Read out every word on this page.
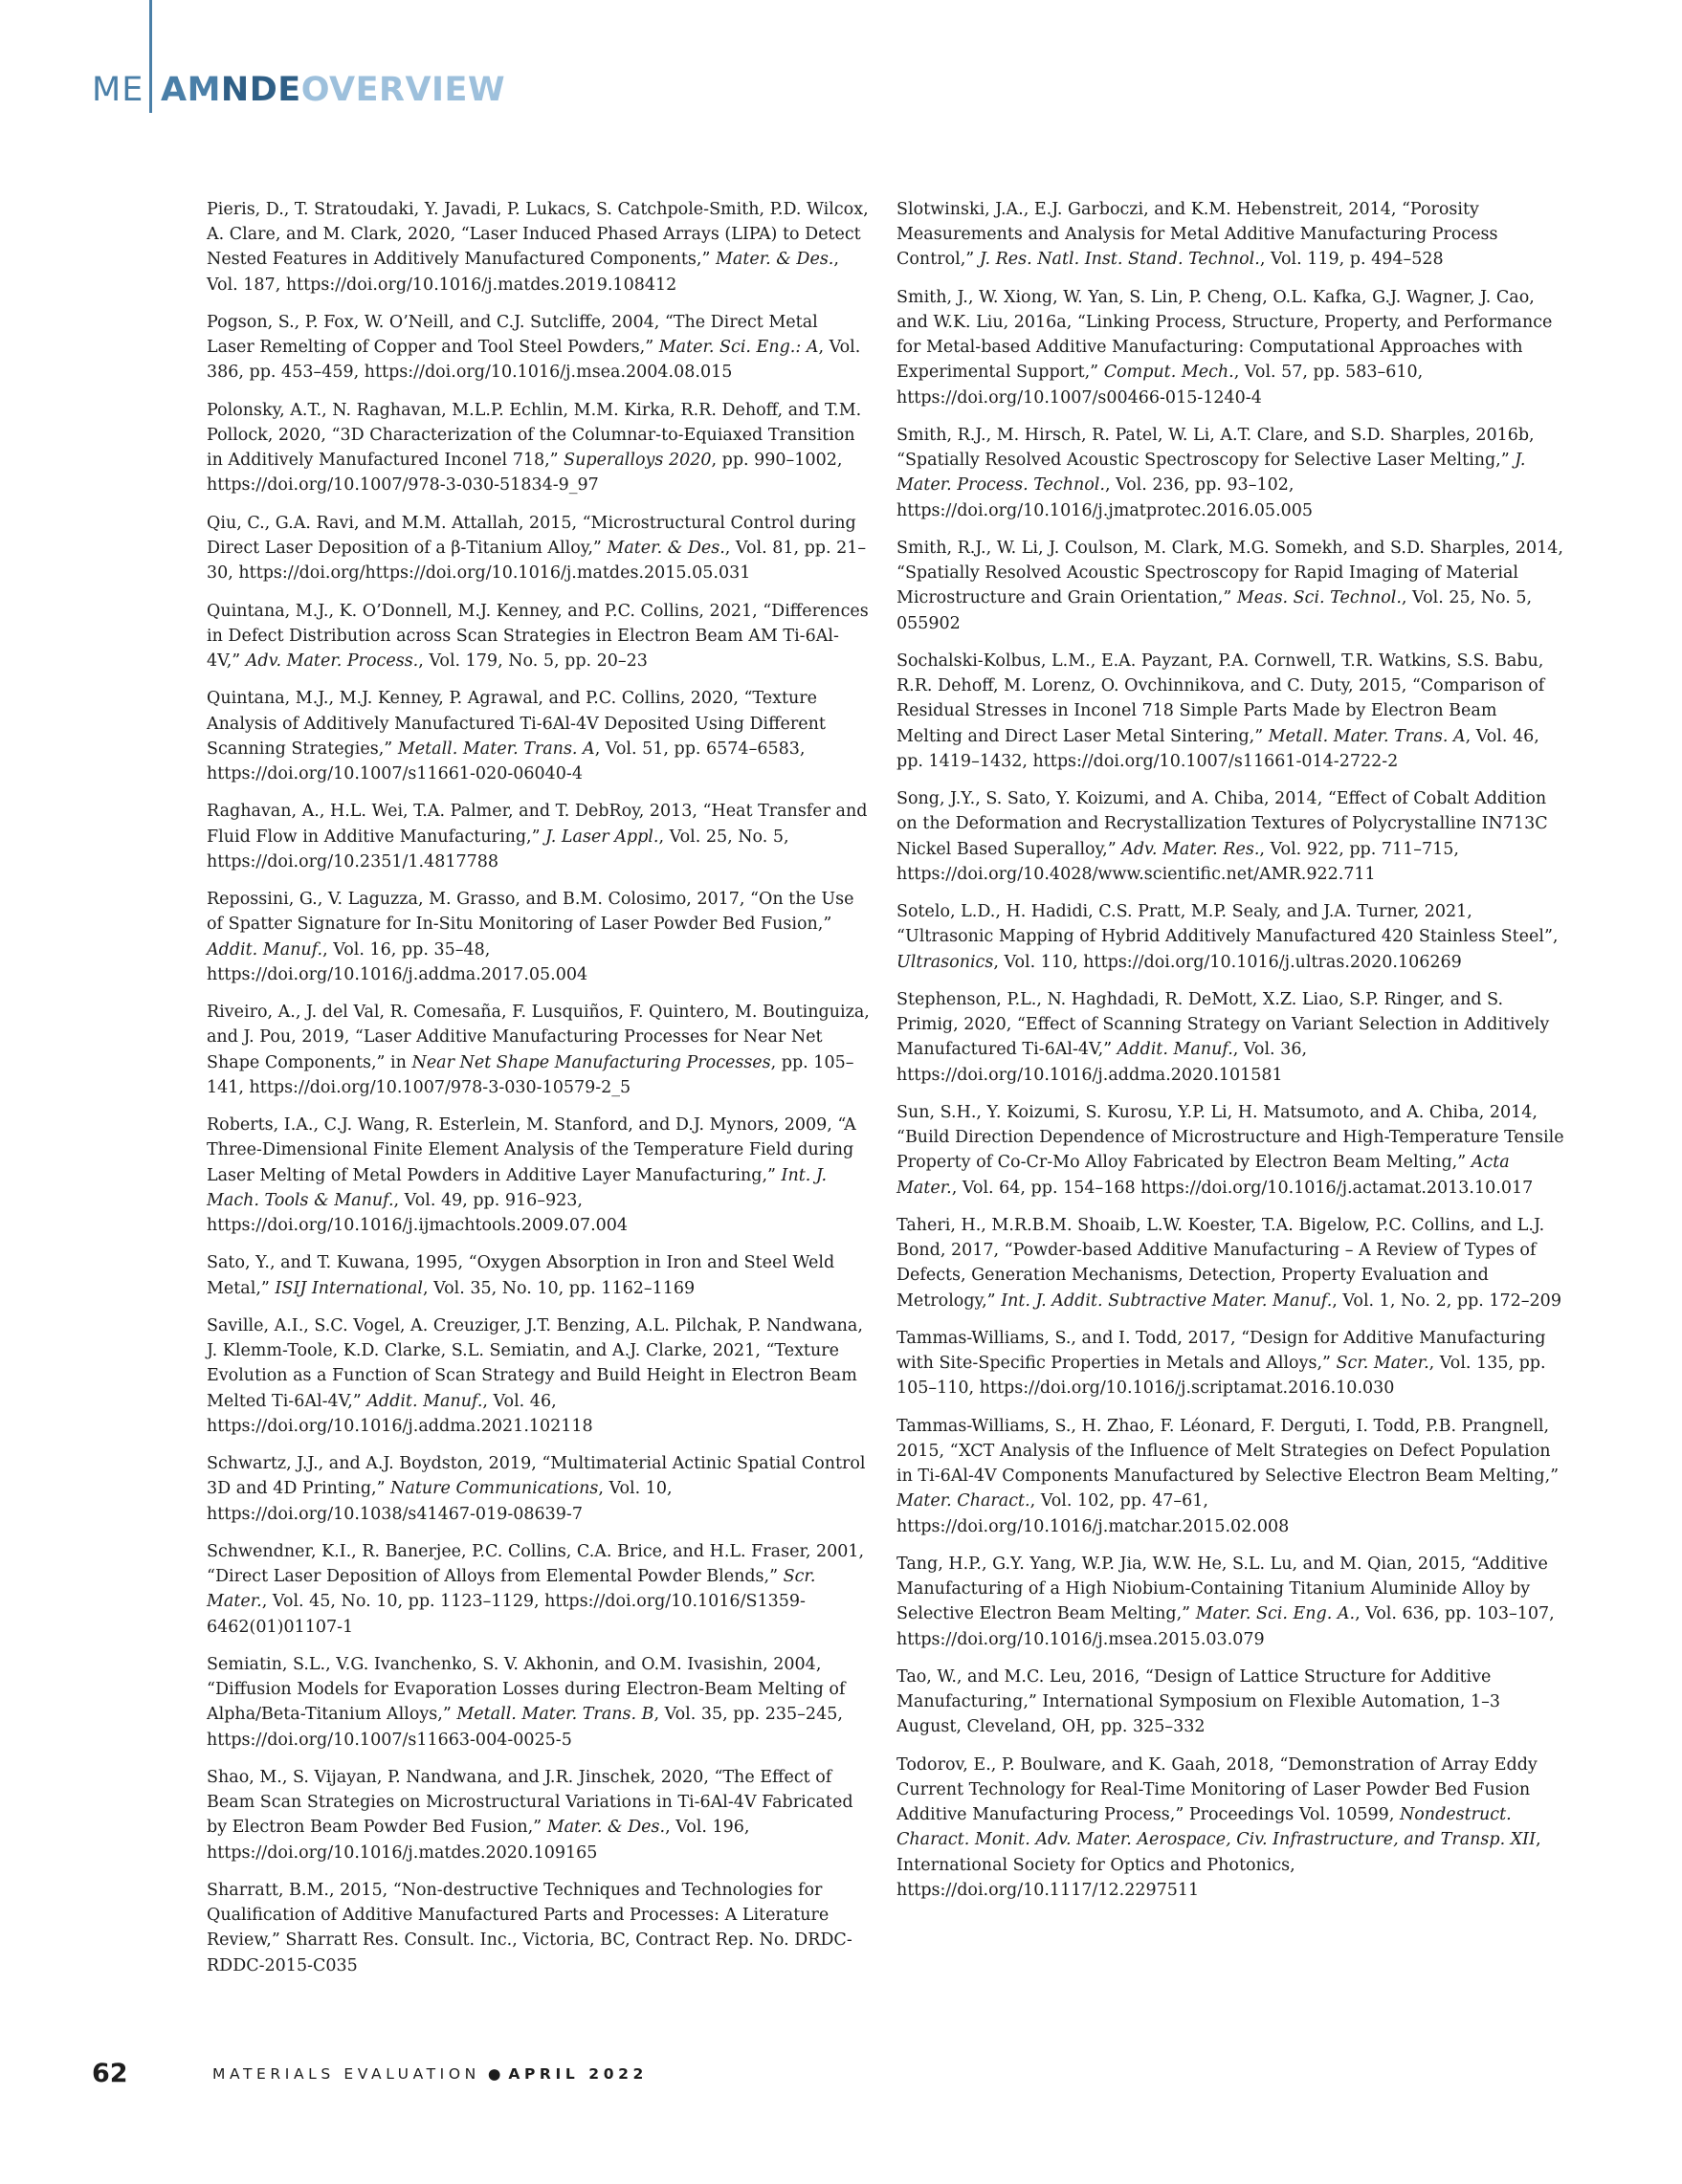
ME AMNDEOVERVIEW

Pieris, D., T. Stratoudaki, Y. Javadi, P. Lukacs, S. Catchpole-Smith, P.D. Wilcox, A. Clare, and M. Clark, 2020, “Laser Induced Phased Arrays (LIPA) to Detect Nested Features in Additively Manufactured Components,” Mater. & Des., Vol. 187, https://doi.org/10.1016/j.matdes.2019.108412

Pogson, S., P. Fox, W. O’Neill, and C.J. Sutcliffe, 2004, “The Direct Metal Laser Remelting of Copper and Tool Steel Powders,” Mater. Sci. Eng.: A, Vol. 386, pp. 453–459, https://doi.org/10.1016/j.msea.2004.08.015

Polonsky, A.T., N. Raghavan, M.L.P. Echlin, M.M. Kirka, R.R. Dehoff, and T.M. Pollock, 2020, “3D Characterization of the Columnar-to-Equiaxed Transition in Additively Manufactured Inconel 718,” Superalloys 2020, pp. 990–1002, https://doi.org/10.1007/978-3-030-51834-9_97

Qiu, C., G.A. Ravi, and M.M. Attallah, 2015, “Microstructural Control during Direct Laser Deposition of a β-Titanium Alloy,” Mater. & Des., Vol. 81, pp. 21–30, https://doi.org/https://doi.org/10.1016/j.matdes.2015.05.031

Quintana, M.J., K. O’Donnell, M.J. Kenney, and P.C. Collins, 2021, “Differences in Defect Distribution across Scan Strategies in Electron Beam AM Ti-6Al-4V,” Adv. Mater. Process., Vol. 179, No. 5, pp. 20–23

Quintana, M.J., M.J. Kenney, P. Agrawal, and P.C. Collins, 2020, “Texture Analysis of Additively Manufactured Ti-6Al-4V Deposited Using Different Scanning Strategies,” Metall. Mater. Trans. A, Vol. 51, pp. 6574–6583, https://doi.org/10.1007/s11661-020-06040-4

Raghavan, A., H.L. Wei, T.A. Palmer, and T. DebRoy, 2013, “Heat Transfer and Fluid Flow in Additive Manufacturing,” J. Laser Appl., Vol. 25, No. 5, https://doi.org/10.2351/1.4817788

Repossini, G., V. Laguzza, M. Grasso, and B.M. Colosimo, 2017, “On the Use of Spatter Signature for In-Situ Monitoring of Laser Powder Bed Fusion,” Addit. Manuf., Vol. 16, pp. 35–48, https://doi.org/10.1016/j.addma.2017.05.004

Riveiro, A., J. del Val, R. Comesaña, F. Lusquiños, F. Quintero, M. Boutinguiza, and J. Pou, 2019, “Laser Additive Manufacturing Processes for Near Net Shape Components,” in Near Net Shape Manufacturing Processes, pp. 105–141, https://doi.org/10.1007/978-3-030-10579-2_5

Roberts, I.A., C.J. Wang, R. Esterlein, M. Stanford, and D.J. Mynors, 2009, “A Three-Dimensional Finite Element Analysis of the Temperature Field during Laser Melting of Metal Powders in Additive Layer Manufacturing,” Int. J. Mach. Tools & Manuf., Vol. 49, pp. 916–923, https://doi.org/10.1016/j.ijmachtools.2009.07.004

Sato, Y., and T. Kuwana, 1995, “Oxygen Absorption in Iron and Steel Weld Metal,” ISIJ International, Vol. 35, No. 10, pp. 1162–1169

Saville, A.I., S.C. Vogel, A. Creuziger, J.T. Benzing, A.L. Pilchak, P. Nandwana, J. Klemm-Toole, K.D. Clarke, S.L. Semiatin, and A.J. Clarke, 2021, “Texture Evolution as a Function of Scan Strategy and Build Height in Electron Beam Melted Ti-6Al-4V,” Addit. Manuf., Vol. 46, https://doi.org/10.1016/j.addma.2021.102118

Schwartz, J.J., and A.J. Boydston, 2019, “Multimaterial Actinic Spatial Control 3D and 4D Printing,” Nature Communications, Vol. 10, https://doi.org/10.1038/s41467-019-08639-7

Schwendner, K.I., R. Banerjee, P.C. Collins, C.A. Brice, and H.L. Fraser, 2001, “Direct Laser Deposition of Alloys from Elemental Powder Blends,” Scr. Mater., Vol. 45, No. 10, pp. 1123–1129, https://doi.org/10.1016/S1359-6462(01)01107-1

Semiatin, S.L., V.G. Ivanchenko, S. V. Akhonin, and O.M. Ivasishin, 2004, “Diffusion Models for Evaporation Losses during Electron-Beam Melting of Alpha/Beta-Titanium Alloys,” Metall. Mater. Trans. B, Vol. 35, pp. 235–245, https://doi.org/10.1007/s11663-004-0025-5

Shao, M., S. Vijayan, P. Nandwana, and J.R. Jinschek, 2020, “The Effect of Beam Scan Strategies on Microstructural Variations in Ti-6Al-4V Fabricated by Electron Beam Powder Bed Fusion,” Mater. & Des., Vol. 196, https://doi.org/10.1016/j.matdes.2020.109165

Sharratt, B.M., 2015, “Non-destructive Techniques and Technologies for Qualification of Additive Manufactured Parts and Processes: A Literature Review,” Sharratt Res. Consult. Inc., Victoria, BC, Contract Rep. No. DRDC-RDDC-2015-C035

Slotwinski, J.A., E.J. Garboczi, and K.M. Hebenstreit, 2014, “Porosity Measurements and Analysis for Metal Additive Manufacturing Process Control,” J. Res. Natl. Inst. Stand. Technol., Vol. 119, p. 494–528

Smith, J., W. Xiong, W. Yan, S. Lin, P. Cheng, O.L. Kafka, G.J. Wagner, J. Cao, and W.K. Liu, 2016a, “Linking Process, Structure, Property, and Performance for Metal-based Additive Manufacturing: Computational Approaches with Experimental Support,” Comput. Mech., Vol. 57, pp. 583–610, https://doi.org/10.1007/s00466-015-1240-4

Smith, R.J., M. Hirsch, R. Patel, W. Li, A.T. Clare, and S.D. Sharples, 2016b, “Spatially Resolved Acoustic Spectroscopy for Selective Laser Melting,” J. Mater. Process. Technol., Vol. 236, pp. 93–102, https://doi.org/10.1016/j.jmatprotec.2016.05.005

Smith, R.J., W. Li, J. Coulson, M. Clark, M.G. Somekh, and S.D. Sharples, 2014, “Spatially Resolved Acoustic Spectroscopy for Rapid Imaging of Material Microstructure and Grain Orientation,” Meas. Sci. Technol., Vol. 25, No. 5, 055902

Sochalski-Kolbus, L.M., E.A. Payzant, P.A. Cornwell, T.R. Watkins, S.S. Babu, R.R. Dehoff, M. Lorenz, O. Ovchinnikova, and C. Duty, 2015, “Comparison of Residual Stresses in Inconel 718 Simple Parts Made by Electron Beam Melting and Direct Laser Metal Sintering,” Metall. Mater. Trans. A, Vol. 46, pp. 1419–1432, https://doi.org/10.1007/s11661-014-2722-2

Song, J.Y., S. Sato, Y. Koizumi, and A. Chiba, 2014, “Effect of Cobalt Addition on the Deformation and Recrystallization Textures of Polycrystalline IN713C Nickel Based Superalloy,” Adv. Mater. Res., Vol. 922, pp. 711–715, https://doi.org/10.4028/www.scientific.net/AMR.922.711

Sotelo, L.D., H. Hadidi, C.S. Pratt, M.P. Sealy, and J.A. Turner, 2021, “Ultrasonic Mapping of Hybrid Additively Manufactured 420 Stainless Steel”, Ultrasonics, Vol. 110, https://doi.org/10.1016/j.ultras.2020.106269

Stephenson, P.L., N. Haghdadi, R. DeMott, X.Z. Liao, S.P. Ringer, and S. Primig, 2020, “Effect of Scanning Strategy on Variant Selection in Additively Manufactured Ti-6Al-4V,” Addit. Manuf., Vol. 36, https://doi.org/10.1016/j.addma.2020.101581

Sun, S.H., Y. Koizumi, S. Kurosu, Y.P. Li, H. Matsumoto, and A. Chiba, 2014, “Build Direction Dependence of Microstructure and High-Temperature Tensile Property of Co-Cr-Mo Alloy Fabricated by Electron Beam Melting,” Acta Mater., Vol. 64, pp. 154–168 https://doi.org/10.1016/j.actamat.2013.10.017

Taheri, H., M.R.B.M. Shoaib, L.W. Koester, T.A. Bigelow, P.C. Collins, and L.J. Bond, 2017, “Powder-based Additive Manufacturing – A Review of Types of Defects, Generation Mechanisms, Detection, Property Evaluation and Metrology,” Int. J. Addit. Subtractive Mater. Manuf., Vol. 1, No. 2, pp. 172–209

Tammas-Williams, S., and I. Todd, 2017, “Design for Additive Manufacturing with Site-Specific Properties in Metals and Alloys,” Scr. Mater., Vol. 135, pp. 105–110, https://doi.org/10.1016/j.scriptamat.2016.10.030

Tammas-Williams, S., H. Zhao, F. Léonard, F. Derguti, I. Todd, P.B. Prangnell, 2015, “XCT Analysis of the Influence of Melt Strategies on Defect Population in Ti-6Al-4V Components Manufactured by Selective Electron Beam Melting,” Mater. Charact., Vol. 102, pp. 47–61, https://doi.org/10.1016/j.matchar.2015.02.008

Tang, H.P., G.Y. Yang, W.P. Jia, W.W. He, S.L. Lu, and M. Qian, 2015, “Additive Manufacturing of a High Niobium-Containing Titanium Aluminide Alloy by Selective Electron Beam Melting,” Mater. Sci. Eng. A., Vol. 636, pp. 103–107, https://doi.org/10.1016/j.msea.2015.03.079

Tao, W., and M.C. Leu, 2016, “Design of Lattice Structure for Additive Manufacturing,” International Symposium on Flexible Automation, 1–3 August, Cleveland, OH, pp. 325–332

Todorov, E., P. Boulware, and K. Gaah, 2018, “Demonstration of Array Eddy Current Technology for Real-Time Monitoring of Laser Powder Bed Fusion Additive Manufacturing Process,” Proceedings Vol. 10599, Nondestruct. Charact. Monit. Adv. Mater. Aerospace, Civ. Infrastructure, and Transp. XII, International Society for Optics and Photonics, https://doi.org/10.1117/12.2297511

62	MATERIALS EVALUATION ● APRIL 2022
